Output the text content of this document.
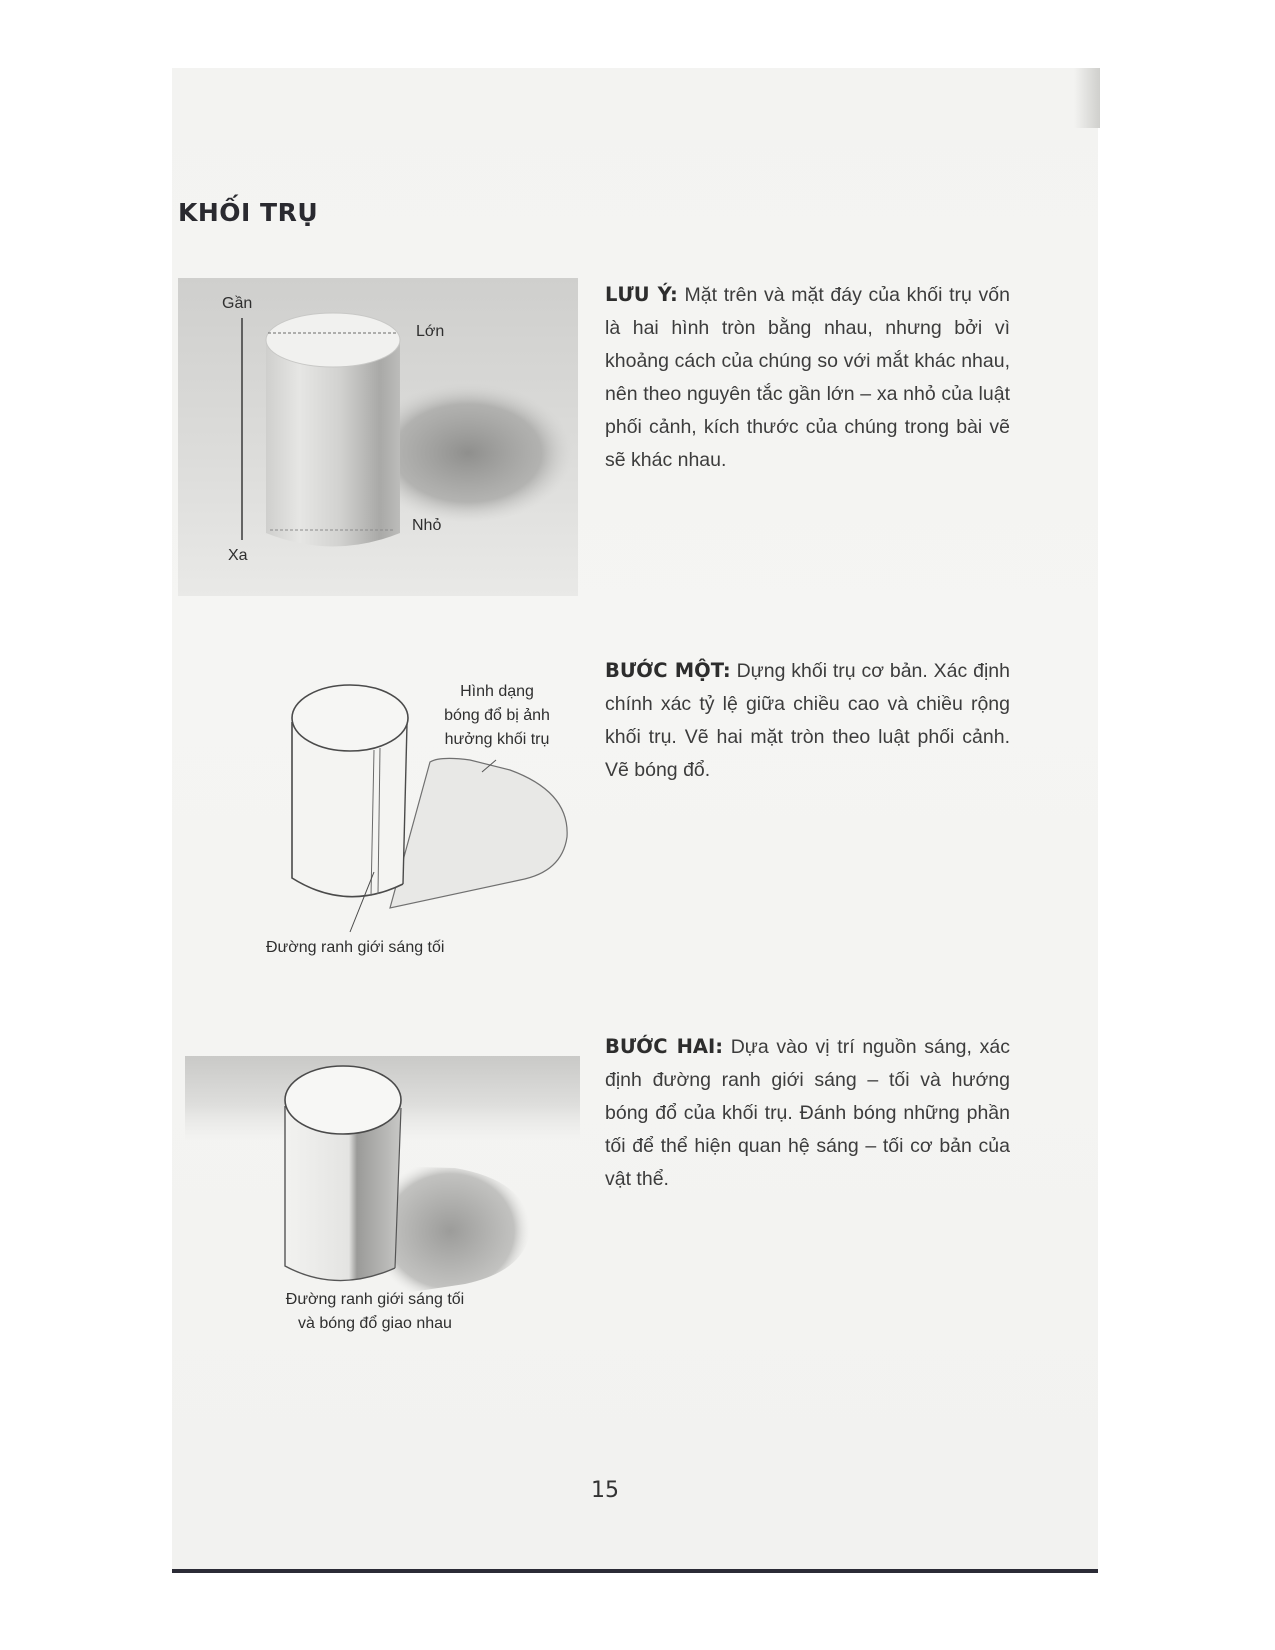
KHỐI TRỤ
Gần
Xa
Lớn
Nhỏ
LƯU Ý: Mặt trên và mặt đáy của khối trụ vốn là hai hình tròn bằng nhau, nhưng bởi vì khoảng cách của chúng so với mắt khác nhau, nên theo nguyên tắc gần lớn – xa nhỏ của luật phối cảnh, kích thước của chúng trong bài vẽ sẽ khác nhau.
Hình dạng
bóng đổ bị ảnh
hưởng khối trụ
Đường ranh giới sáng tối
BƯỚC MỘT: Dựng khối trụ cơ bản. Xác định chính xác tỷ lệ giữa chiều cao và chiều rộng khối trụ. Vẽ hai mặt tròn theo luật phối cảnh. Vẽ bóng đổ.
Đường ranh giới sáng tối
và bóng đổ giao nhau
BƯỚC HAI: Dựa vào vị trí nguồn sáng, xác định đường ranh giới sáng – tối và hướng bóng đổ của khối trụ. Đánh bóng những phần tối để thể hiện quan hệ sáng – tối cơ bản của vật thể.
15
